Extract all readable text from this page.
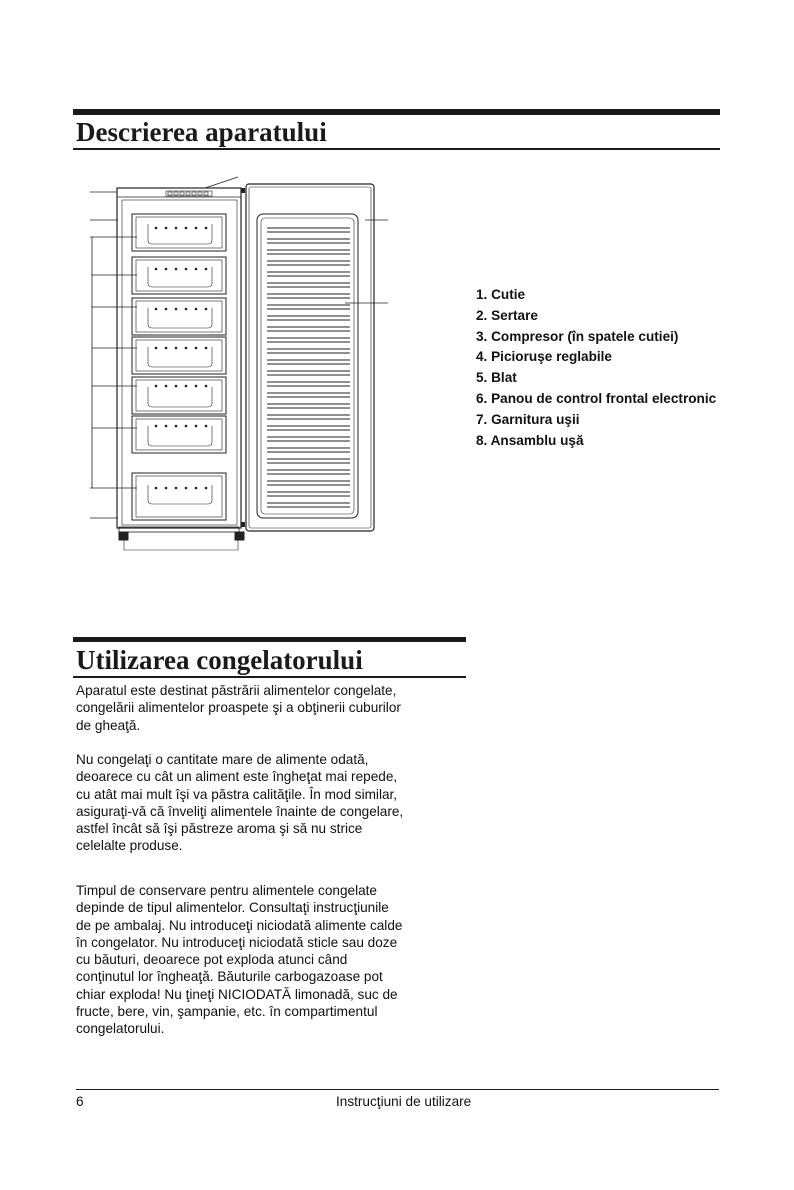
Descrierea aparatului
1. Cutie
2. Sertare
3. Compresor (în spatele cutiei)
4. Picioruşe reglabile
5. Blat
6. Panou de control frontal electronic
7. Garnitura uşii
8. Ansamblu uşă
Utilizarea congelatorului

Aparatul este destinat păstrării alimentelor congelate, congelării alimentelor proaspete şi a obţinerii cuburilor de gheaţă.

Nu congelaţi o cantitate mare de alimente odată, deoarece cu cât un aliment este îngheţat mai repede, cu atât mai mult îşi va păstra calităţile. În mod similar, asiguraţi-vă că înveliţi alimentele înainte de congelare, astfel încât să îşi păstreze aroma şi să nu strice celelalte produse.

Timpul de conservare pentru alimentele congelate depinde de tipul alimentelor. Consultaţi instrucţiunile de pe ambalaj. Nu introduceţi niciodată alimente calde în congelator. Nu introduceţi niciodată sticle sau doze cu băuturi, deoarece pot exploda atunci când conţinutul lor îngheaţă. Băuturile carbogazoase pot chiar exploda! Nu ţineţi NICIODATĂ limonadă, suc de fructe, bere, vin, şampanie, etc. în compartimentul congelatorului.

6	Instrucţiuni de utilizare
